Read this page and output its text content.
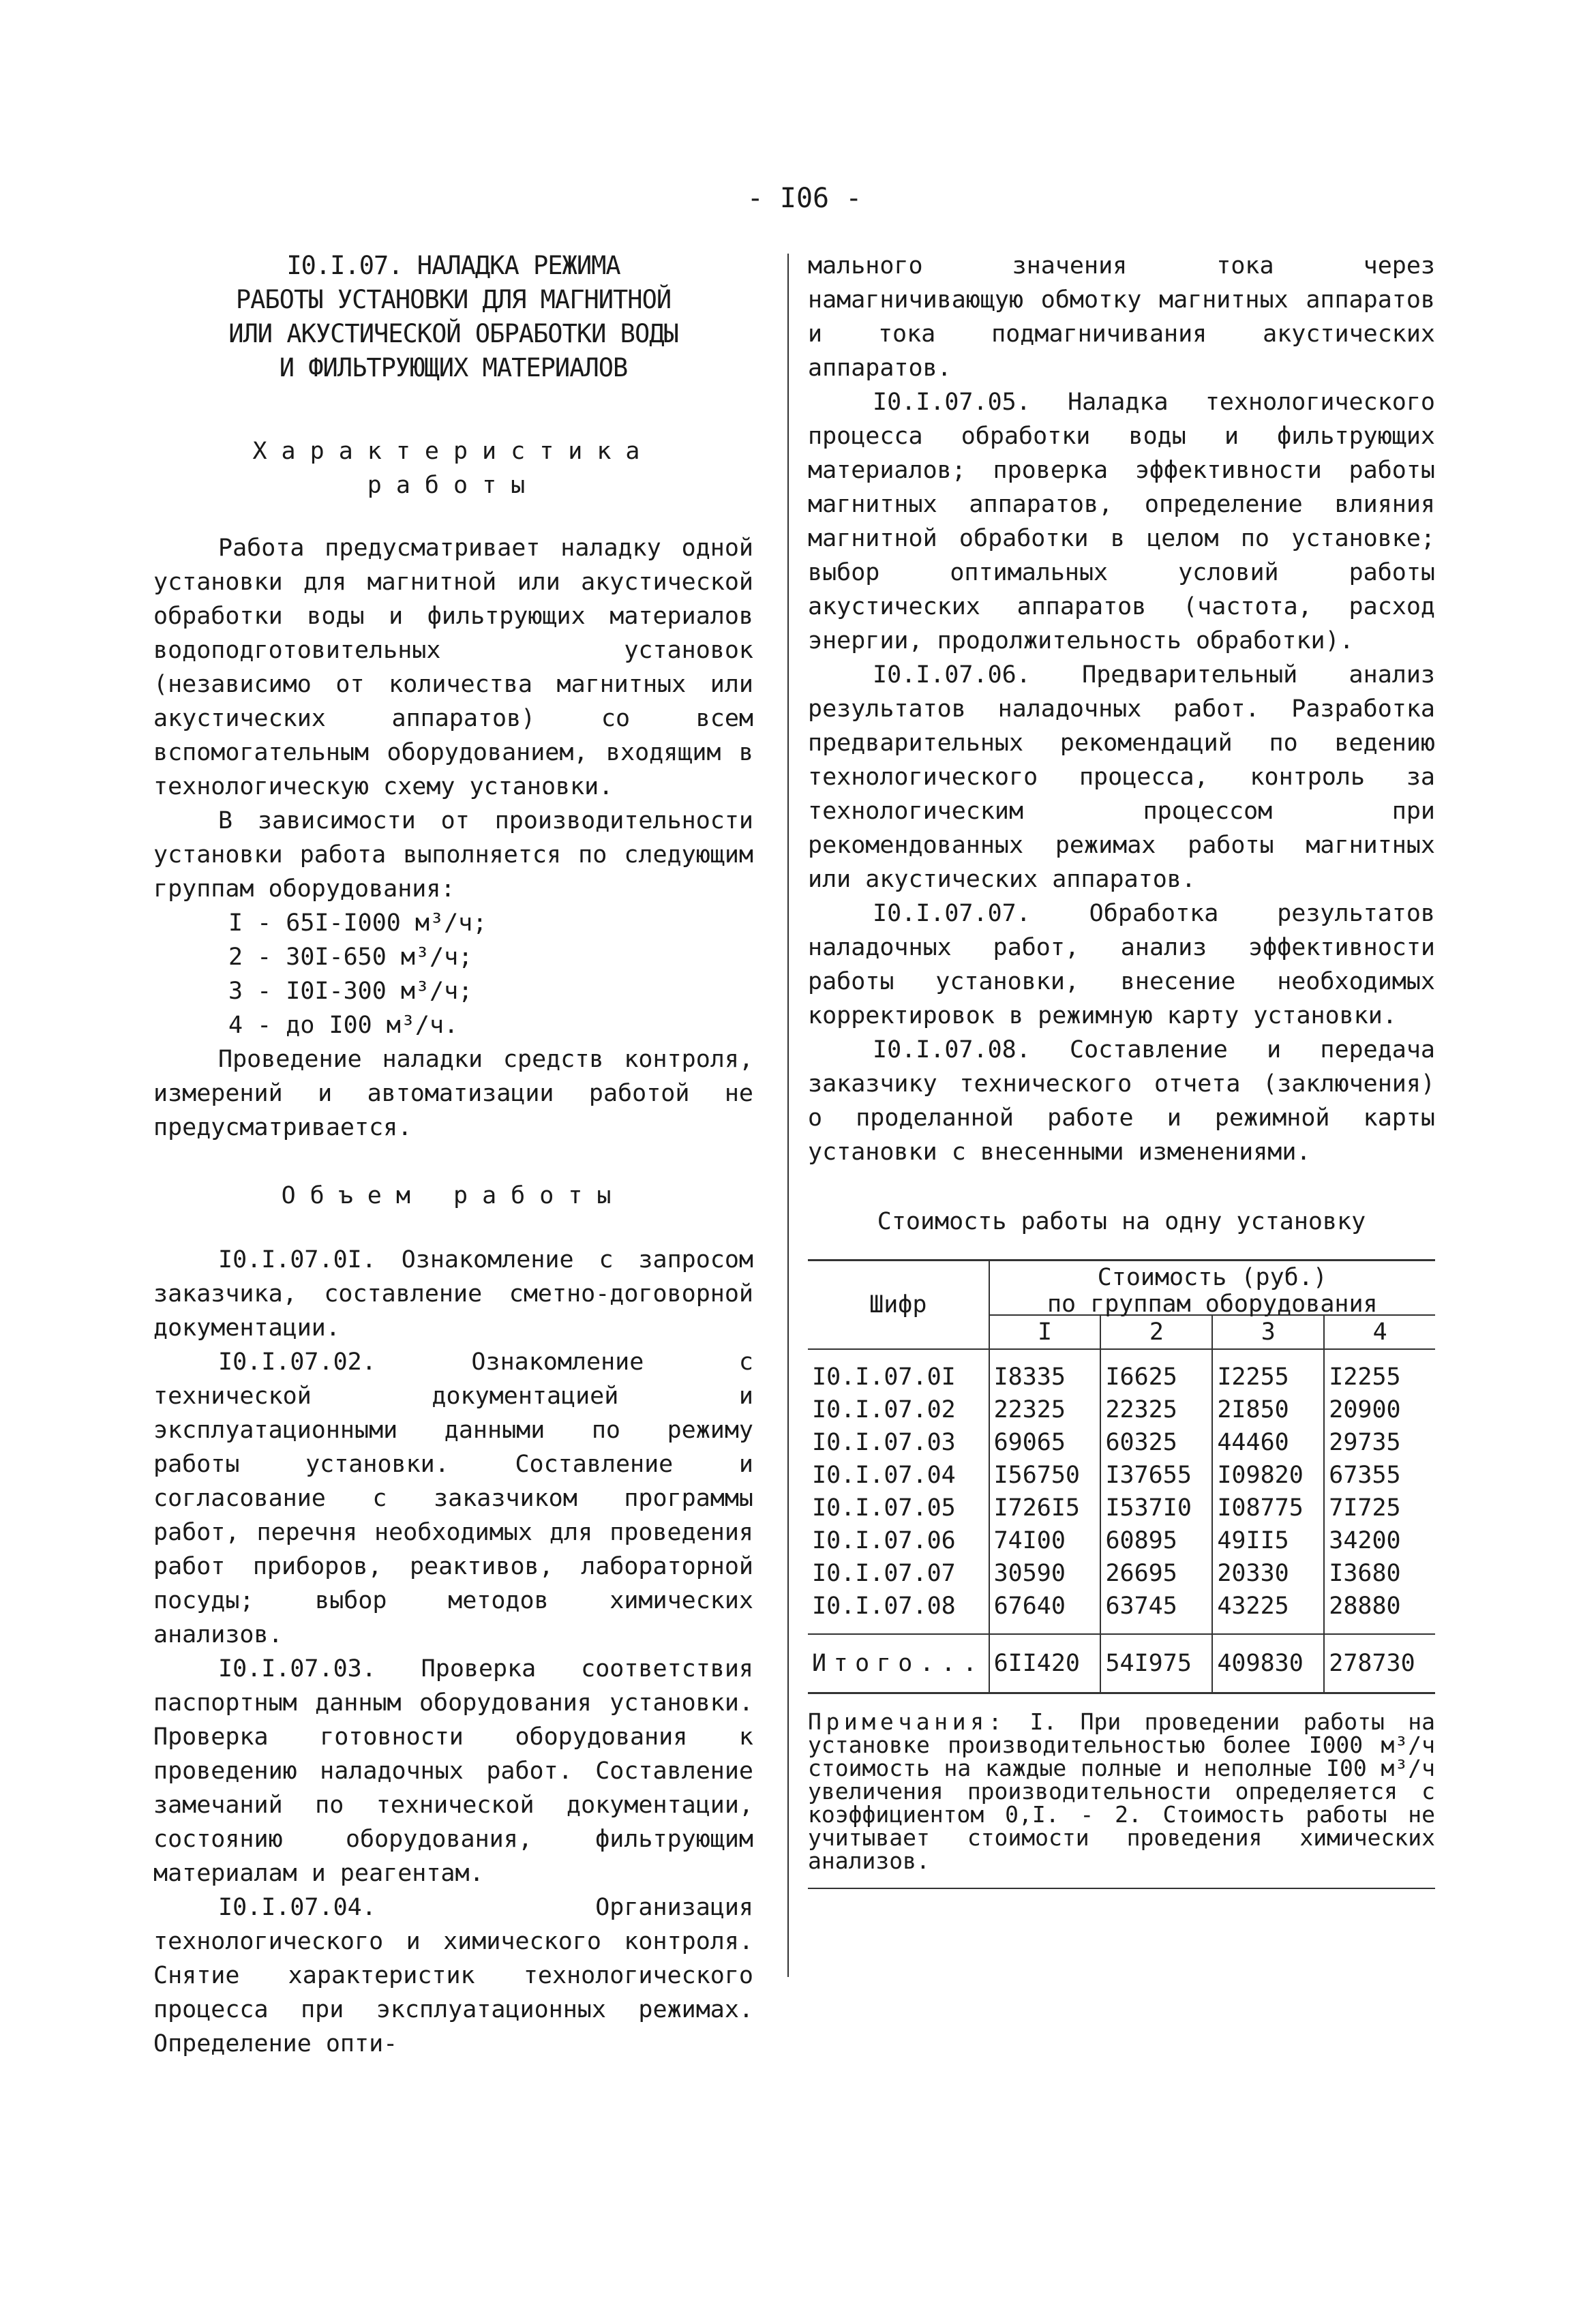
- I06 -
I0.I.07. НАЛАДКА РЕЖИМА
РАБОТЫ УСТАНОВКИ ДЛЯ МАГНИТНОЙ
ИЛИ АКУСТИЧЕСКОЙ ОБРАБОТКИ ВОДЫ
И ФИЛЬТРУЮЩИХ МАТЕРИАЛОВ
Характеристика
работы

Работа предусматривает наладку одной установки для магнитной или акустической обработки воды и фильтрующих материалов водоподготовительных установок (независимо от количества магнитных или акустических аппаратов) со всем вспомогательным оборудованием, входящим в технологическую схему установки.

В зависимости от производительности установки работа выполняется по следующим группам оборудования:

I - 65I-I000 м³/ч;
2 - 30I-650 м³/ч;
3 - I0I-300 м³/ч;
4 - до I00 м³/ч.

Проведение наладки средств контроля, измерений и автоматизации работой не предусматривается.

Объем работы

I0.I.07.0I. Ознакомление с запросом заказчика, составление сметно-договорной документации.

I0.I.07.02. Ознакомление с технической документацией и эксплуатационными данными по режиму работы установки. Составление и согласование с заказчиком программы работ, перечня необходимых для проведения работ приборов, реактивов, лабораторной посуды; выбор методов химических анализов.

I0.I.07.03. Проверка соответствия паспортным данным оборудования установки. Проверка готовности оборудования к проведению наладочных работ. Составление замечаний по технической документации, состоянию оборудования, фильтрующим материалам и реагентам.

I0.I.07.04. Организация технологического и химического контроля. Снятие характеристик технологического процесса при эксплуатационных режимах. Определение опти-

мального значения тока через намагничивающую обмотку магнитных аппаратов и тока подмагничивания акустических аппаратов.

I0.I.07.05. Наладка технологического процесса обработки воды и фильтрующих материалов; проверка эффективности работы магнитных аппаратов, определение влияния магнитной обработки в целом по установке; выбор оптимальных условий работы акустических аппаратов (частота, расход энергии, продолжительность обработки).

I0.I.07.06. Предварительный анализ результатов наладочных работ. Разработка предварительных рекомендаций по ведению технологического процесса, контроль за технологическим процессом при рекомендованных режимах работы магнитных или акустических аппаратов.

I0.I.07.07. Обработка результатов наладочных работ, анализ эффективности работы установки, внесение необходимых корректировок в режимную карту установки.

I0.I.07.08. Составление и передача заказчику технического отчета (заключения) о проделанной работе и режимной карты установки с внесенными изменениями.

Стоимость работы на одну установку
Шифр	Стоимость (руб.)
по группам оборудования			

	I	2	3	4
I0.I.07.0I	I8335	I6625	I2255	I2255
I0.I.07.02	22325	22325	2I850	20900
I0.I.07.03	69065	60325	44460	29735
I0.I.07.04	I56750	I37655	I09820	67355
I0.I.07.05	I726I5	I537I0	I08775	7I725
I0.I.07.06	74I00	60895	49II5	34200
I0.I.07.07	30590	26695	20330	I3680
I0.I.07.08	67640	63745	43225	28880
Итого...	6II420	54I975	409830	278730
Примечания: I. При проведении работы на установке производительностью более I000 м³/ч стоимость на каждые полные и неполные I00 м³/ч увеличения производительности определяется с коэффициентом 0,I. - 2. Стоимость работы не учитывает стоимости проведения химических анализов.
